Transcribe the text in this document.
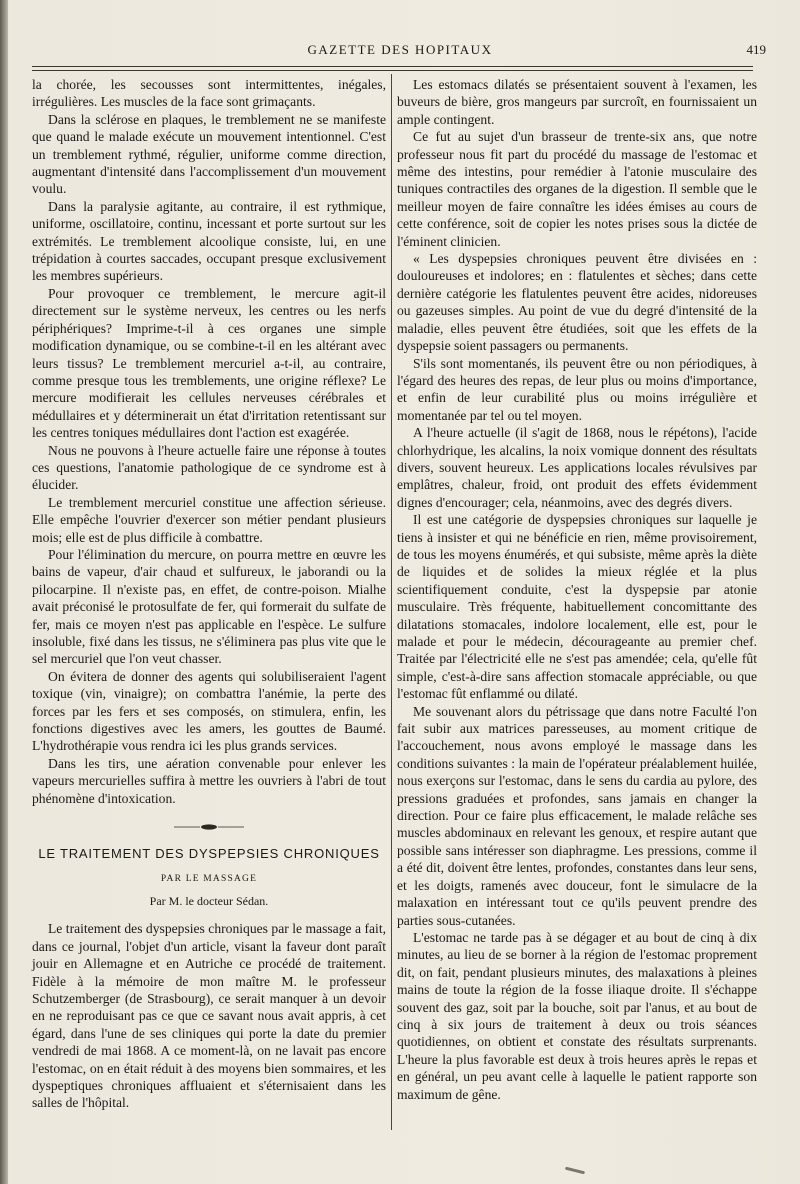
GAZETTE DES HOPITAUX	419

la chorée, les secousses sont intermittentes, inégales, irrégulières. Les muscles de la face sont grimaçants.

Dans la sclérose en plaques, le tremblement ne se manifeste que quand le malade exécute un mouvement intentionnel. C'est un tremblement rythmé, régulier, uniforme comme direction, augmentant d'intensité dans l'accomplissement d'un mouvement voulu.

Dans la paralysie agitante, au contraire, il est rythmique, uniforme, oscillatoire, continu, incessant et porte surtout sur les extrémités. Le tremblement alcoolique consiste, lui, en une trépidation à courtes saccades, occupant presque exclusivement les membres supérieurs.

Pour provoquer ce tremblement, le mercure agit-il directement sur le système nerveux, les centres ou les nerfs périphériques? Imprime-t-il à ces organes une simple modification dynamique, ou se combine-t-il en les altérant avec leurs tissus? Le tremblement mercuriel a-t-il, au contraire, comme presque tous les tremblements, une origine réflexe? Le mercure modifierait les cellules nerveuses cérébrales et médullaires et y déterminerait un état d'irritation retentissant sur les centres toniques médullaires dont l'action est exagérée.

Nous ne pouvons à l'heure actuelle faire une réponse à toutes ces questions, l'anatomie pathologique de ce syndrome est à élucider.

Le tremblement mercuriel constitue une affection sérieuse. Elle empêche l'ouvrier d'exercer son métier pendant plusieurs mois; elle est de plus difficile à combattre.

Pour l'élimination du mercure, on pourra mettre en œuvre les bains de vapeur, d'air chaud et sulfureux, le jaborandi ou la pilocarpine. Il n'existe pas, en effet, de contre-poison. Mialhe avait préconisé le protosulfate de fer, qui formerait du sulfate de fer, mais ce moyen n'est pas applicable en l'espèce. Le sulfure insoluble, fixé dans les tissus, ne s'éliminera pas plus vite que le sel mercuriel que l'on veut chasser.

On évitera de donner des agents qui solubiliseraient l'agent toxique (vin, vinaigre); on combattra l'anémie, la perte des forces par les fers et ses composés, on stimulera, enfin, les fonctions digestives avec les amers, les gouttes de Baumé. L'hydrothérapie vous rendra ici les plus grands services.

Dans les tirs, une aération convenable pour enlever les vapeurs mercurielles suffira à mettre les ouvriers à l'abri de tout phénomène d'intoxication.

LE TRAITEMENT DES DYSPEPSIES CHRONIQUES
PAR LE MASSAGE
Par M. le docteur Sédan.

Le traitement des dyspepsies chroniques par le massage a fait, dans ce journal, l'objet d'un article, visant la faveur dont paraît jouir en Allemagne et en Autriche ce procédé de traitement. Fidèle à la mémoire de mon maître M. le professeur Schutzemberger (de Strasbourg), ce serait manquer à un devoir en ne reproduisant pas ce que ce savant nous avait appris, à cet égard, dans l'une de ses cliniques qui porte la date du premier vendredi de mai 1868. A ce moment-là, on ne lavait pas encore l'estomac, on en était réduit à des moyens bien sommaires, et les dyspeptiques chroniques affluaient et s'éternisaient dans les salles de l'hôpital.

Les estomacs dilatés se présentaient souvent à l'examen, les buveurs de bière, gros mangeurs par surcroît, en fournissaient un ample contingent.

Ce fut au sujet d'un brasseur de trente-six ans, que notre professeur nous fit part du procédé du massage de l'estomac et même des intestins, pour remédier à l'atonie musculaire des tuniques contractiles des organes de la digestion. Il semble que le meilleur moyen de faire connaître les idées émises au cours de cette conférence, soit de copier les notes prises sous la dictée de l'éminent clinicien.

« Les dyspepsies chroniques peuvent être divisées en : douloureuses et indolores; en : flatulentes et sèches; dans cette dernière catégorie les flatulentes peuvent être acides, nidoreuses ou gazeuses simples. Au point de vue du degré d'intensité de la maladie, elles peuvent être étudiées, soit que les effets de la dyspepsie soient passagers ou permanents.

S'ils sont momentanés, ils peuvent être ou non périodiques, à l'égard des heures des repas, de leur plus ou moins d'importance, et enfin de leur curabilité plus ou moins irrégulière et momentanée par tel ou tel moyen.

A l'heure actuelle (il s'agit de 1868, nous le répétons), l'acide chlorhydrique, les alcalins, la noix vomique donnent des résultats divers, souvent heureux. Les applications locales révulsives par emplâtres, chaleur, froid, ont produit des effets évidemment dignes d'encourager; cela, néanmoins, avec des degrés divers.

Il est une catégorie de dyspepsies chroniques sur laquelle je tiens à insister et qui ne bénéficie en rien, même provisoirement, de tous les moyens énumérés, et qui subsiste, même après la diète de liquides et de solides la mieux réglée et la plus scientifiquement conduite, c'est la dyspepsie par atonie musculaire. Très fréquente, habituellement concomittante des dilatations stomacales, indolore localement, elle est, pour le malade et pour le médecin, décourageante au premier chef. Traitée par l'électricité elle ne s'est pas amendée; cela, qu'elle fût simple, c'est-à-dire sans affection stomacale appréciable, ou que l'estomac fût enflammé ou dilaté.

Me souvenant alors du pétrissage que dans notre Faculté l'on fait subir aux matrices paresseuses, au moment critique de l'accouchement, nous avons employé le massage dans les conditions suivantes : la main de l'opérateur préalablement huilée, nous exerçons sur l'estomac, dans le sens du cardia au pylore, des pressions graduées et profondes, sans jamais en changer la direction. Pour ce faire plus efficacement, le malade relâche ses muscles abdominaux en relevant les genoux, et respire autant que possible sans intéresser son diaphragme. Les pressions, comme il a été dit, doivent être lentes, profondes, constantes dans leur sens, et les doigts, ramenés avec douceur, font le simulacre de la malaxation en intéressant tout ce qu'ils peuvent prendre des parties sous-cutanées.

L'estomac ne tarde pas à se dégager et au bout de cinq à dix minutes, au lieu de se borner à la région de l'estomac proprement dit, on fait, pendant plusieurs minutes, des malaxations à pleines mains de toute la région de la fosse iliaque droite. Il s'échappe souvent des gaz, soit par la bouche, soit par l'anus, et au bout de cinq à six jours de traitement à deux ou trois séances quotidiennes, on obtient et constate des résultats surprenants. L'heure la plus favorable est deux à trois heures après le repas et en général, un peu avant celle à laquelle le patient rapporte son maximum de gêne.
